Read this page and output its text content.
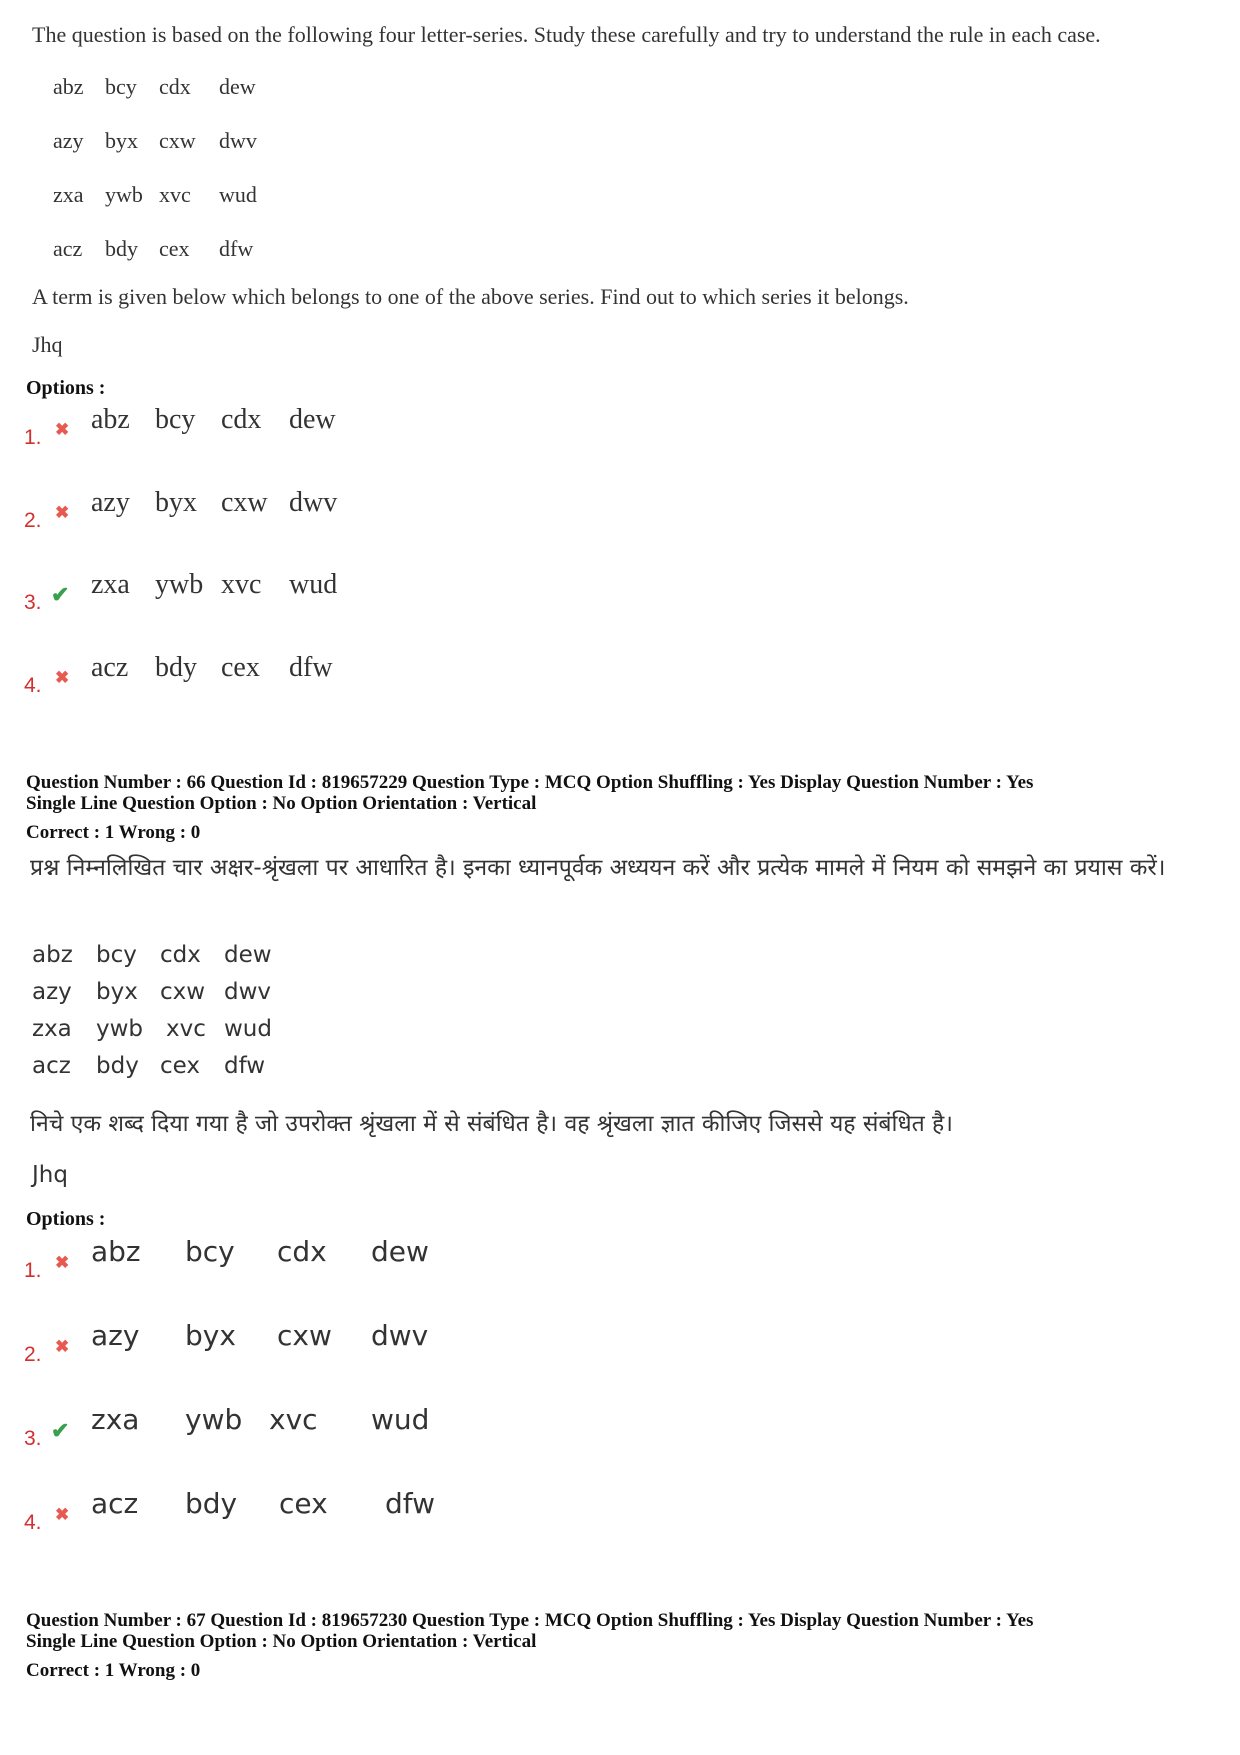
The question is based on the following four letter-series. Study these carefully and try to understand the rule in each case.
abz bcy cdx dew
azy byx cxw dwv
zxa ywb xvc wud
acz bdy cex dfw
A term is given below which belongs to one of the above series. Find out to which series it belongs.
Jhq
Options :
1. ✖ abz bcy cdx dew
2. ✖ azy byx cxw dwv
3. ✔ zxa ywb xvc wud
4. ✖ acz bdy cex dfw
Question Number : 66 Question Id : 819657229 Question Type : MCQ Option Shuffling : Yes Display Question Number : Yes
Single Line Question Option : No Option Orientation : Vertical
Correct : 1 Wrong : 0
प्रश्न निम्नलिखित चार अक्षर-श्रृंखला पर आधारित है। इनका ध्यानपूर्वक अध्ययन करें और प्रत्येक मामले में नियम को समझने का प्रयास करें।
abz bcy cdx dew
azy byx cxw dwv
zxa ywb xvc wud
acz bdy cex dfw
निचे एक शब्द दिया गया है जो उपरोक्त श्रृंखला में से संबंधित है। वह श्रृंखला ज्ञात कीजिए जिससे यह संबंधित है।
Jhq
Options :
1. ✖ abz bcy cdx dew
2. ✖ azy byx cxw dwv
3. ✔ zxa ywb xvc wud
4. ✖ acz bdy cex dfw
Question Number : 67 Question Id : 819657230 Question Type : MCQ Option Shuffling : Yes Display Question Number : Yes
Single Line Question Option : No Option Orientation : Vertical
Correct : 1 Wrong : 0
